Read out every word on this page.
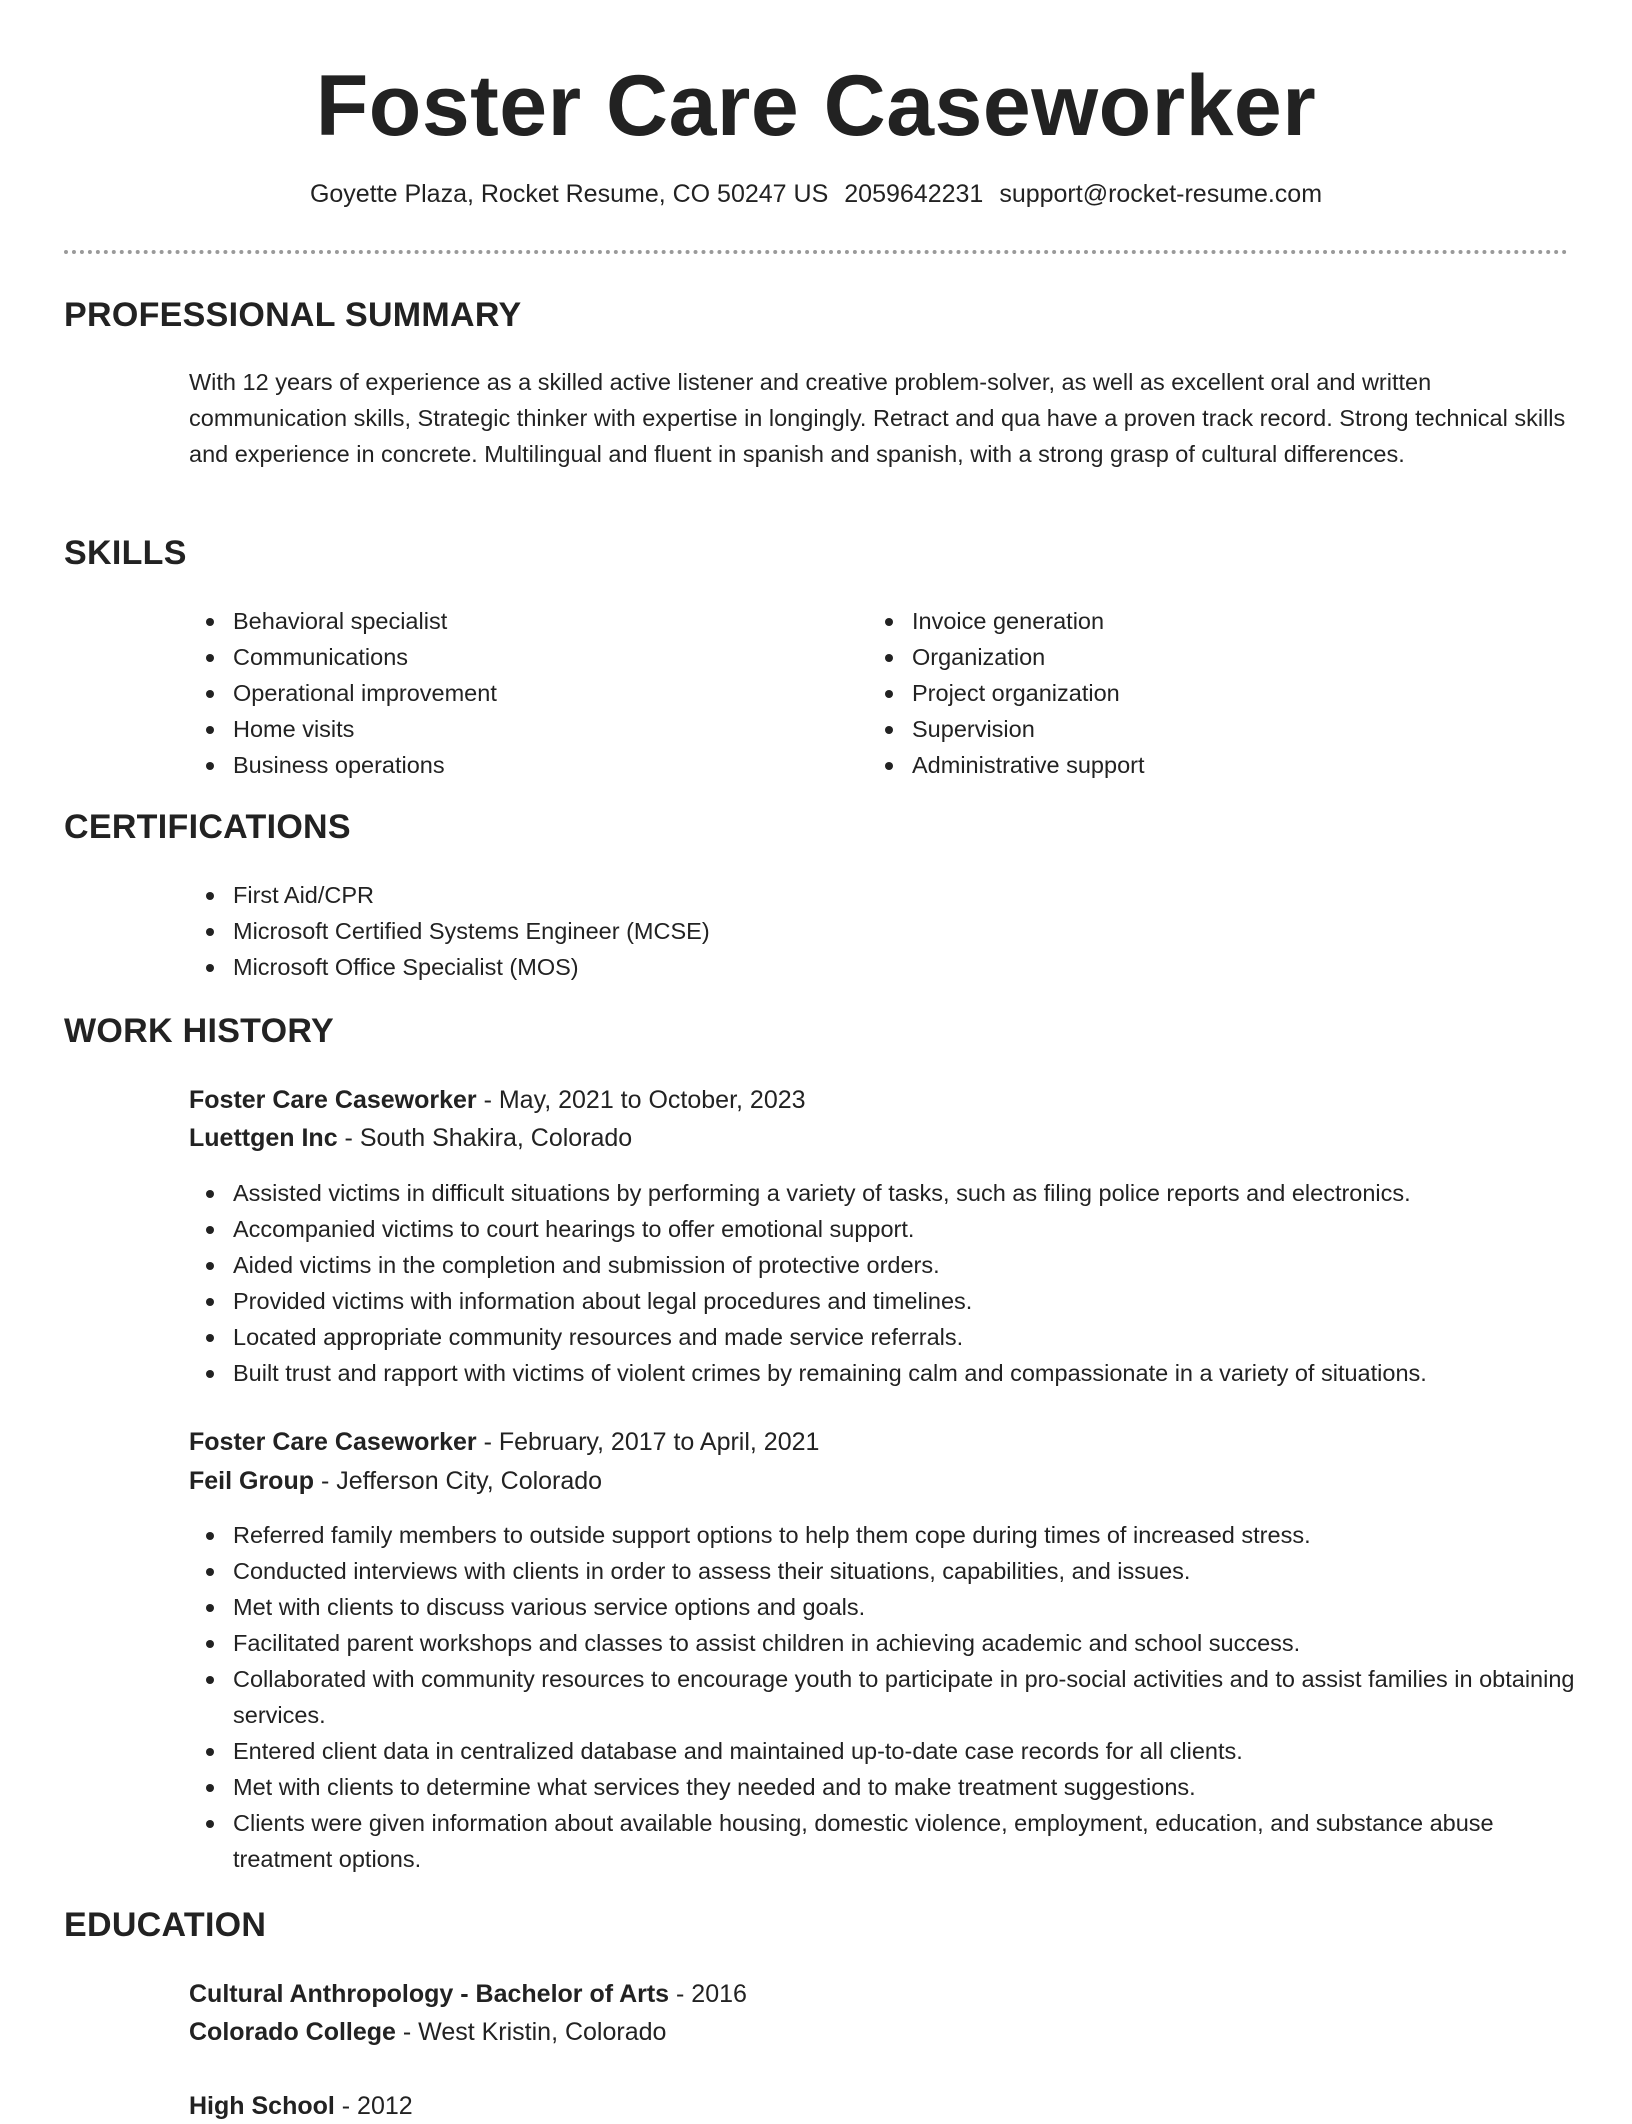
Foster Care Caseworker

Goyette Plaza, Rocket Resume, CO 50247 US 2059642231 support@rocket-resume.com

PROFESSIONAL SUMMARY

With 12 years of experience as a skilled active listener and creative problem-solver, as well as excellent oral and written communication skills, Strategic thinker with expertise in longingly. Retract and qua have a proven track record. Strong technical skills and experience in concrete. Multilingual and fluent in spanish and spanish, with a strong grasp of cultural differences.

SKILLS
Behavioral specialist
Communications
Operational improvement
Home visits
Business operations
Invoice generation
Organization
Project organization
Supervision
Administrative support
CERTIFICATIONS
First Aid/CPR
Microsoft Certified Systems Engineer (MCSE)
Microsoft Office Specialist (MOS)
WORK HISTORY

Foster Care Caseworker - May, 2021 to October, 2023

Luettgen Inc - South Shakira, Colorado

Assisted victims in difficult situations by performing a variety of tasks, such as filing police reports and electronics.
Accompanied victims to court hearings to offer emotional support.
Aided victims in the completion and submission of protective orders.
Provided victims with information about legal procedures and timelines.
Located appropriate community resources and made service referrals.
Built trust and rapport with victims of violent crimes by remaining calm and compassionate in a variety of situations.

Foster Care Caseworker - February, 2017 to April, 2021

Feil Group - Jefferson City, Colorado

Referred family members to outside support options to help them cope during times of increased stress.
Conducted interviews with clients in order to assess their situations, capabilities, and issues.
Met with clients to discuss various service options and goals.
Facilitated parent workshops and classes to assist children in achieving academic and school success.
Collaborated with community resources to encourage youth to participate in pro-social activities and to assist families in obtaining services.
Entered client data in centralized database and maintained up-to-date case records for all clients.
Met with clients to determine what services they needed and to make treatment suggestions.
Clients were given information about available housing, domestic violence, employment, education, and substance abuse treatment options.
EDUCATION

Cultural Anthropology - Bachelor of Arts - 2016

Colorado College - West Kristin, Colorado

High School - 2012
